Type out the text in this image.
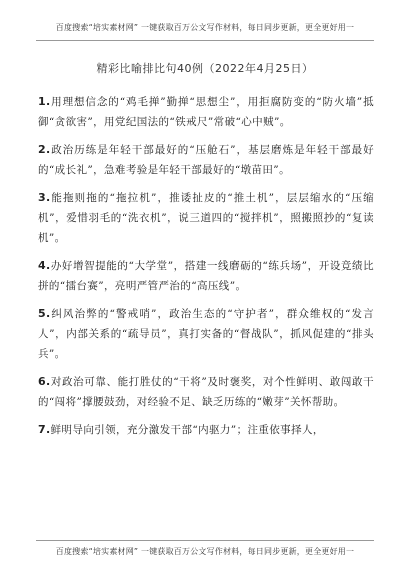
百度搜索“培实素材网” 一键获取百万公文写作材料，每日同步更新，更全更好用一
精彩比喻排比句40例（2022年4月25日）

1.用理想信念的“鸡毛掸”勤掸“思想尘”，用拒腐防变的“防火墙”抵御“贪欲害”，用党纪国法的“铁戒尺”常破“心中贼”。

2.政治历练是年轻干部最好的“压舱石”，基层磨炼是年轻干部最好的“成长礼”，急难考验是年轻干部最好的“墩苗田”。

3.能拖则拖的“拖拉机”，推诿扯皮的“推土机”，层层缩水的“压缩机”，爱惜羽毛的“洗衣机”，说三道四的“搅拌机”，照搬照抄的“复读机”。

4.办好增智提能的“大学堂”，搭建一线磨砺的“练兵场”，开设竞绩比拼的“擂台赛”，亮明严管严治的“高压线”。

5.纠风治弊的“警戒哨”，政治生态的“守护者”，群众维权的“发言人”，内部关系的“疏导员”，真打实备的“督战队”，抓风促建的“排头兵”。

6.对政治可靠、能打胜仗的“干将”及时褒奖，对个性鲜明、敢闯敢干的“闯将”撑腰鼓劲，对经验不足、缺乏历练的“嫩芽”关怀帮助。

7.鲜明导向引领，充分激发干部“内驱力”；注重依事择人，

百度搜索“培实素材网” 一键获取百万公文写作材料，每日同步更新，更全更好用一
